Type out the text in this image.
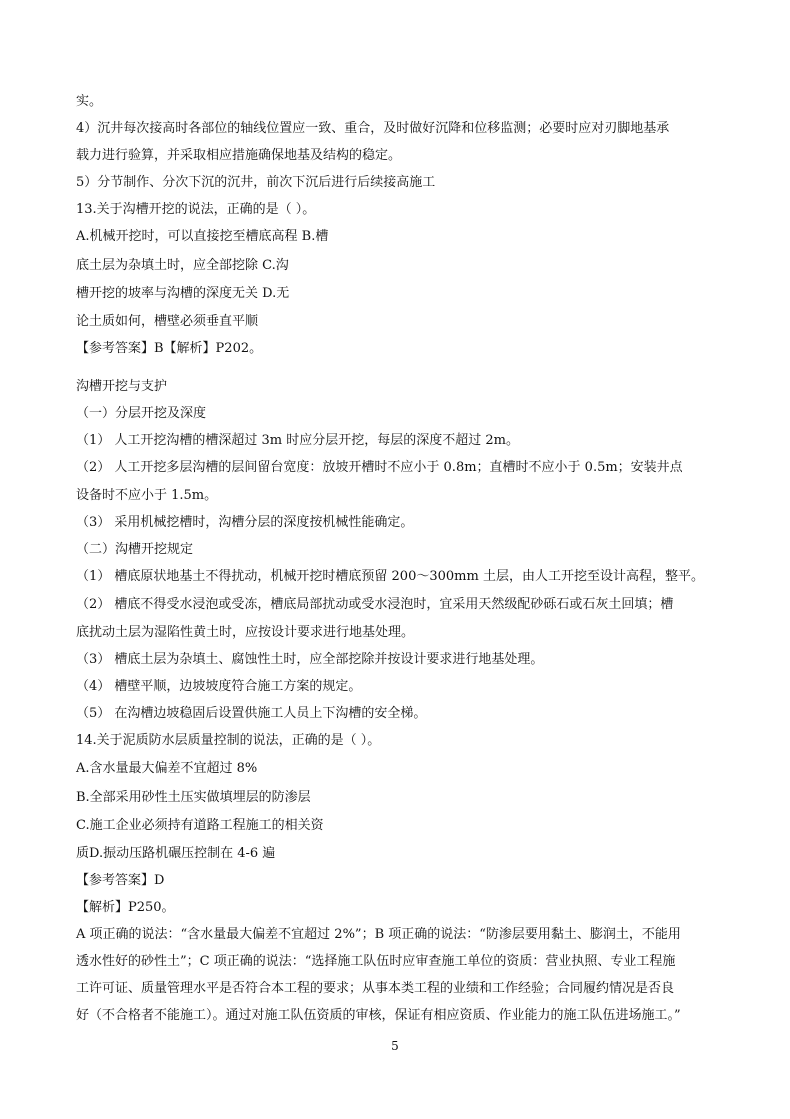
实。
4）沉井每次接高时各部位的轴线位置应一致、重合，及时做好沉降和位移监测；必要时应对刃脚地基承
载力进行验算，并采取相应措施确保地基及结构的稳定。
5）分节制作、分次下沉的沉井，前次下沉后进行后续接高施工
13.关于沟槽开挖的说法，正确的是（ ）。
A.机械开挖时，可以直接挖至槽底高程 B.槽
底土层为杂填土时，应全部挖除 C.沟
槽开挖的坡率与沟槽的深度无关 D.无
论土质如何，槽壁必须垂直平顺
【参考答案】B【解析】P202。
沟槽开挖与支护
（一）分层开挖及深度
（1） 人工开挖沟槽的槽深超过 3m 时应分层开挖，每层的深度不超过 2m。
（2） 人工开挖多层沟槽的层间留台宽度：放坡开槽时不应小于 0.8m；直槽时不应小于 0.5m；安装井点
设备时不应小于 1.5m。
（3） 采用机械挖槽时，沟槽分层的深度按机械性能确定。
（二）沟槽开挖规定
（1） 槽底原状地基土不得扰动，机械开挖时槽底预留 200～300mm 土层，由人工开挖至设计高程，整平。
（2） 槽底不得受水浸泡或受冻，槽底局部扰动或受水浸泡时，宜采用天然级配砂砾石或石灰土回填；槽
底扰动土层为湿陷性黄土时，应按设计要求进行地基处理。
（3） 槽底土层为杂填土、腐蚀性土时，应全部挖除并按设计要求进行地基处理。
（4） 槽壁平顺，边坡坡度符合施工方案的规定。
（5） 在沟槽边坡稳固后设置供施工人员上下沟槽的安全梯。
14.关于泥质防水层质量控制的说法，正确的是（ ）。
A.含水量最大偏差不宜超过 8%
B.全部采用砂性土压实做填埋层的防渗层
C.施工企业必须持有道路工程施工的相关资
质D.振动压路机碾压控制在 4-6 遍
【参考答案】D
【解析】P250。
A 项正确的说法：“含水量最大偏差不宜超过 2%”；B 项正确的说法：“防渗层要用黏土、膨润土，不能用
透水性好的砂性土”；C 项正确的说法：“选择施工队伍时应审查施工单位的资质：营业执照、专业工程施
工许可证、质量管理水平是否符合本工程的要求；从事本类工程的业绩和工作经验；合同履约情况是否良
好（不合格者不能施工）。通过对施工队伍资质的审核，保证有相应资质、作业能力的施工队伍进场施工。”
5
